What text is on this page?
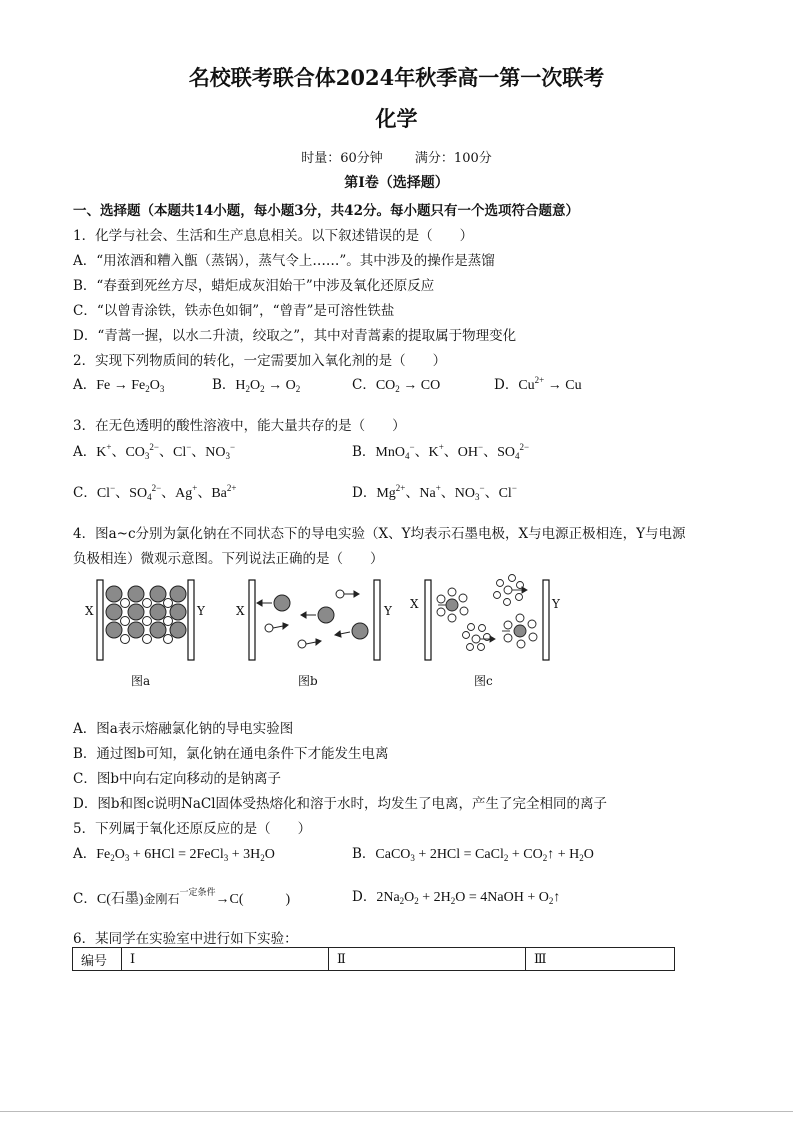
名校联考联合体2024年秋季高一第一次联考
化学
时量：60分钟 满分：100分
第Ⅰ卷（选择题）
一、选择题（本题共14小题，每小题3分，共42分。每小题只有一个选项符合题意）
1．化学与社会、生活和生产息息相关。以下叙述错误的是（　　）
A．“用浓酒和糟入甑（蒸锅），蒸气令上……”。其中涉及的操作是蒸馏
B．“春蚕到死丝方尽，蜡炬成灰泪始干”中涉及氧化还原反应
C．“以曾青涂铁，铁赤色如铜”，“曾青”是可溶性铁盐
D．“青蒿一握，以水二升渍，绞取之”，其中对青蒿素的提取属于物理变化
2．实现下列物质间的转化，一定需要加入氧化剂的是（　　）
A．$Fe \to Fe_2O_3$	B．$H_2O_2 \to O_2$	C．$CO_2$ → CO	D．$Cu^{2+} \to Cu$
3．在无色透明的酸性溶液中，能大量共存的是（　　）
A．K+、$CO_3^{2-}$、Cl−、$NO_3^-$	B．MnO$_4$−、K+、OH−、$SO_4^{2-}$
C．Cl−、$SO_4^{2-}$、Ag+、$Ba^{2+}$	D．$Mg^{2+}$、Na+、$NO_3^-$、Cl−
4．图a~c分别为氯化钠在不同状态下的导电实验（X、Y均表示石墨电极，X与电源正极相连，Y与电源
负极相连）微观示意图。下列说法正确的是（　　）
X	Y
图a
X	Y
图b
X	Y
图c
A．图a表示熔融氯化钠的导电实验图
B．通过图b可知，氯化钠在通电条件下才能发生电离
C．图b中向右定向移动的是钠离子
D．图b和图c说明NaCl固体受热熔化和溶于水时，均发生了电离，产生了完全相同的离子
5．下列属于氧化还原反应的是（　　）
A．$Fe_2O_3 + 6HCl$ = 2FeCl$_3$ + $3H_2O$	B．CaCO$_3$ + 2HCl = CaCl$_2$ + $CO_2↑ + H_2O$
C．C(石墨)金刚石$^{一定条件}$→C(   )	D．$2Na_2O_2 + 2H_2O$ = 4NaOH + $O_2↑$
6．某同学在实验室中进行如下实验：
编号	Ⅰ	Ⅱ	Ⅲ
